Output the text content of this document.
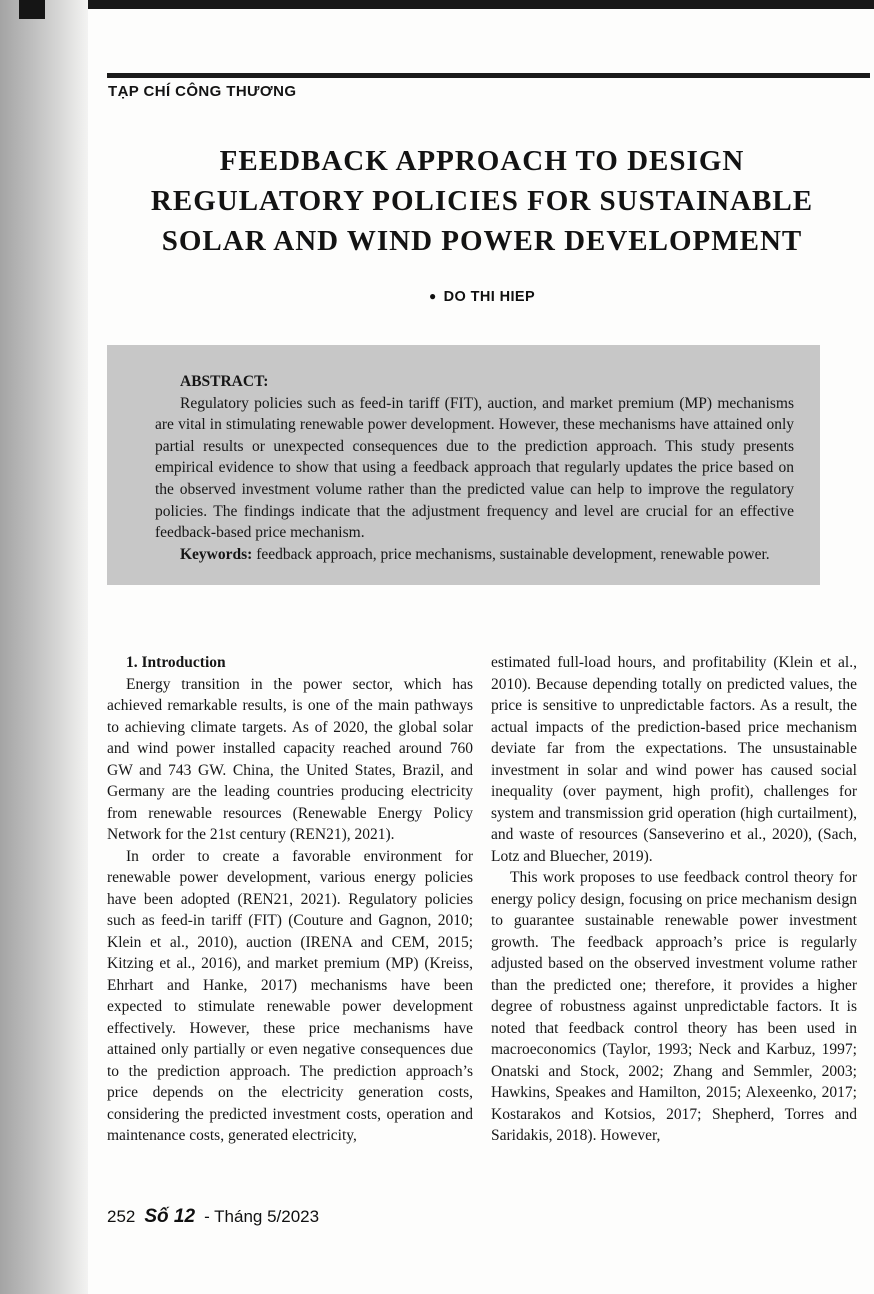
TẠP CHÍ CÔNG THƯƠNG
FEEDBACK APPROACH TO DESIGN
REGULATORY POLICIES FOR SUSTAINABLE
SOLAR AND WIND POWER DEVELOPMENT
● DO THI HIEP

ABSTRACT:

Regulatory policies such as feed-in tariff (FIT), auction, and market premium (MP) mechanisms are vital in stimulating renewable power development. However, these mechanisms have attained only partial results or unexpected consequences due to the prediction approach. This study presents empirical evidence to show that using a feedback approach that regularly updates the price based on the observed investment volume rather than the predicted value can help to improve the regulatory policies. The findings indicate that the adjustment frequency and level are crucial for an effective feedback-based price mechanism.

Keywords: feedback approach, price mechanisms, sustainable development, renewable power.

1. Introduction

Energy transition in the power sector, which has achieved remarkable results, is one of the main pathways to achieving climate targets. As of 2020, the global solar and wind power installed capacity reached around 760 GW and 743 GW. China, the United States, Brazil, and Germany are the leading countries producing electricity from renewable resources (Renewable Energy Policy Network for the 21st century (REN21), 2021).

In order to create a favorable environment for renewable power development, various energy policies have been adopted (REN21, 2021). Regulatory policies such as feed-in tariff (FIT) (Couture and Gagnon, 2010; Klein et al., 2010), auction (IRENA and CEM, 2015; Kitzing et al., 2016), and market premium (MP) (Kreiss, Ehrhart and Hanke, 2017) mechanisms have been expected to stimulate renewable power development effectively. However, these price mechanisms have attained only partially or even negative consequences due to the prediction approach. The prediction approach’s price depends on the electricity generation costs, considering the predicted investment costs, operation and maintenance costs, generated electricity,

estimated full-load hours, and profitability (Klein et al., 2010). Because depending totally on predicted values, the price is sensitive to unpredictable factors. As a result, the actual impacts of the prediction-based price mechanism deviate far from the expectations. The unsustainable investment in solar and wind power has caused social inequality (over payment, high profit), challenges for system and transmission grid operation (high curtailment), and waste of resources (Sanseverino et al., 2020), (Sach, Lotz and Bluecher, 2019).

This work proposes to use feedback control theory for energy policy design, focusing on price mechanism design to guarantee sustainable renewable power investment growth. The feedback approach’s price is regularly adjusted based on the observed investment volume rather than the predicted one; therefore, it provides a higher degree of robustness against unpredictable factors. It is noted that feedback control theory has been used in macroeconomics (Taylor, 1993; Neck and Karbuz, 1997; Onatski and Stock, 2002; Zhang and Semmler, 2003; Hawkins, Speakes and Hamilton, 2015; Alexeenko, 2017; Kostarakos and Kotsios, 2017; Shepherd, Torres and Saridakis, 2018). However,

252 Số 12 - Tháng 5/2023
